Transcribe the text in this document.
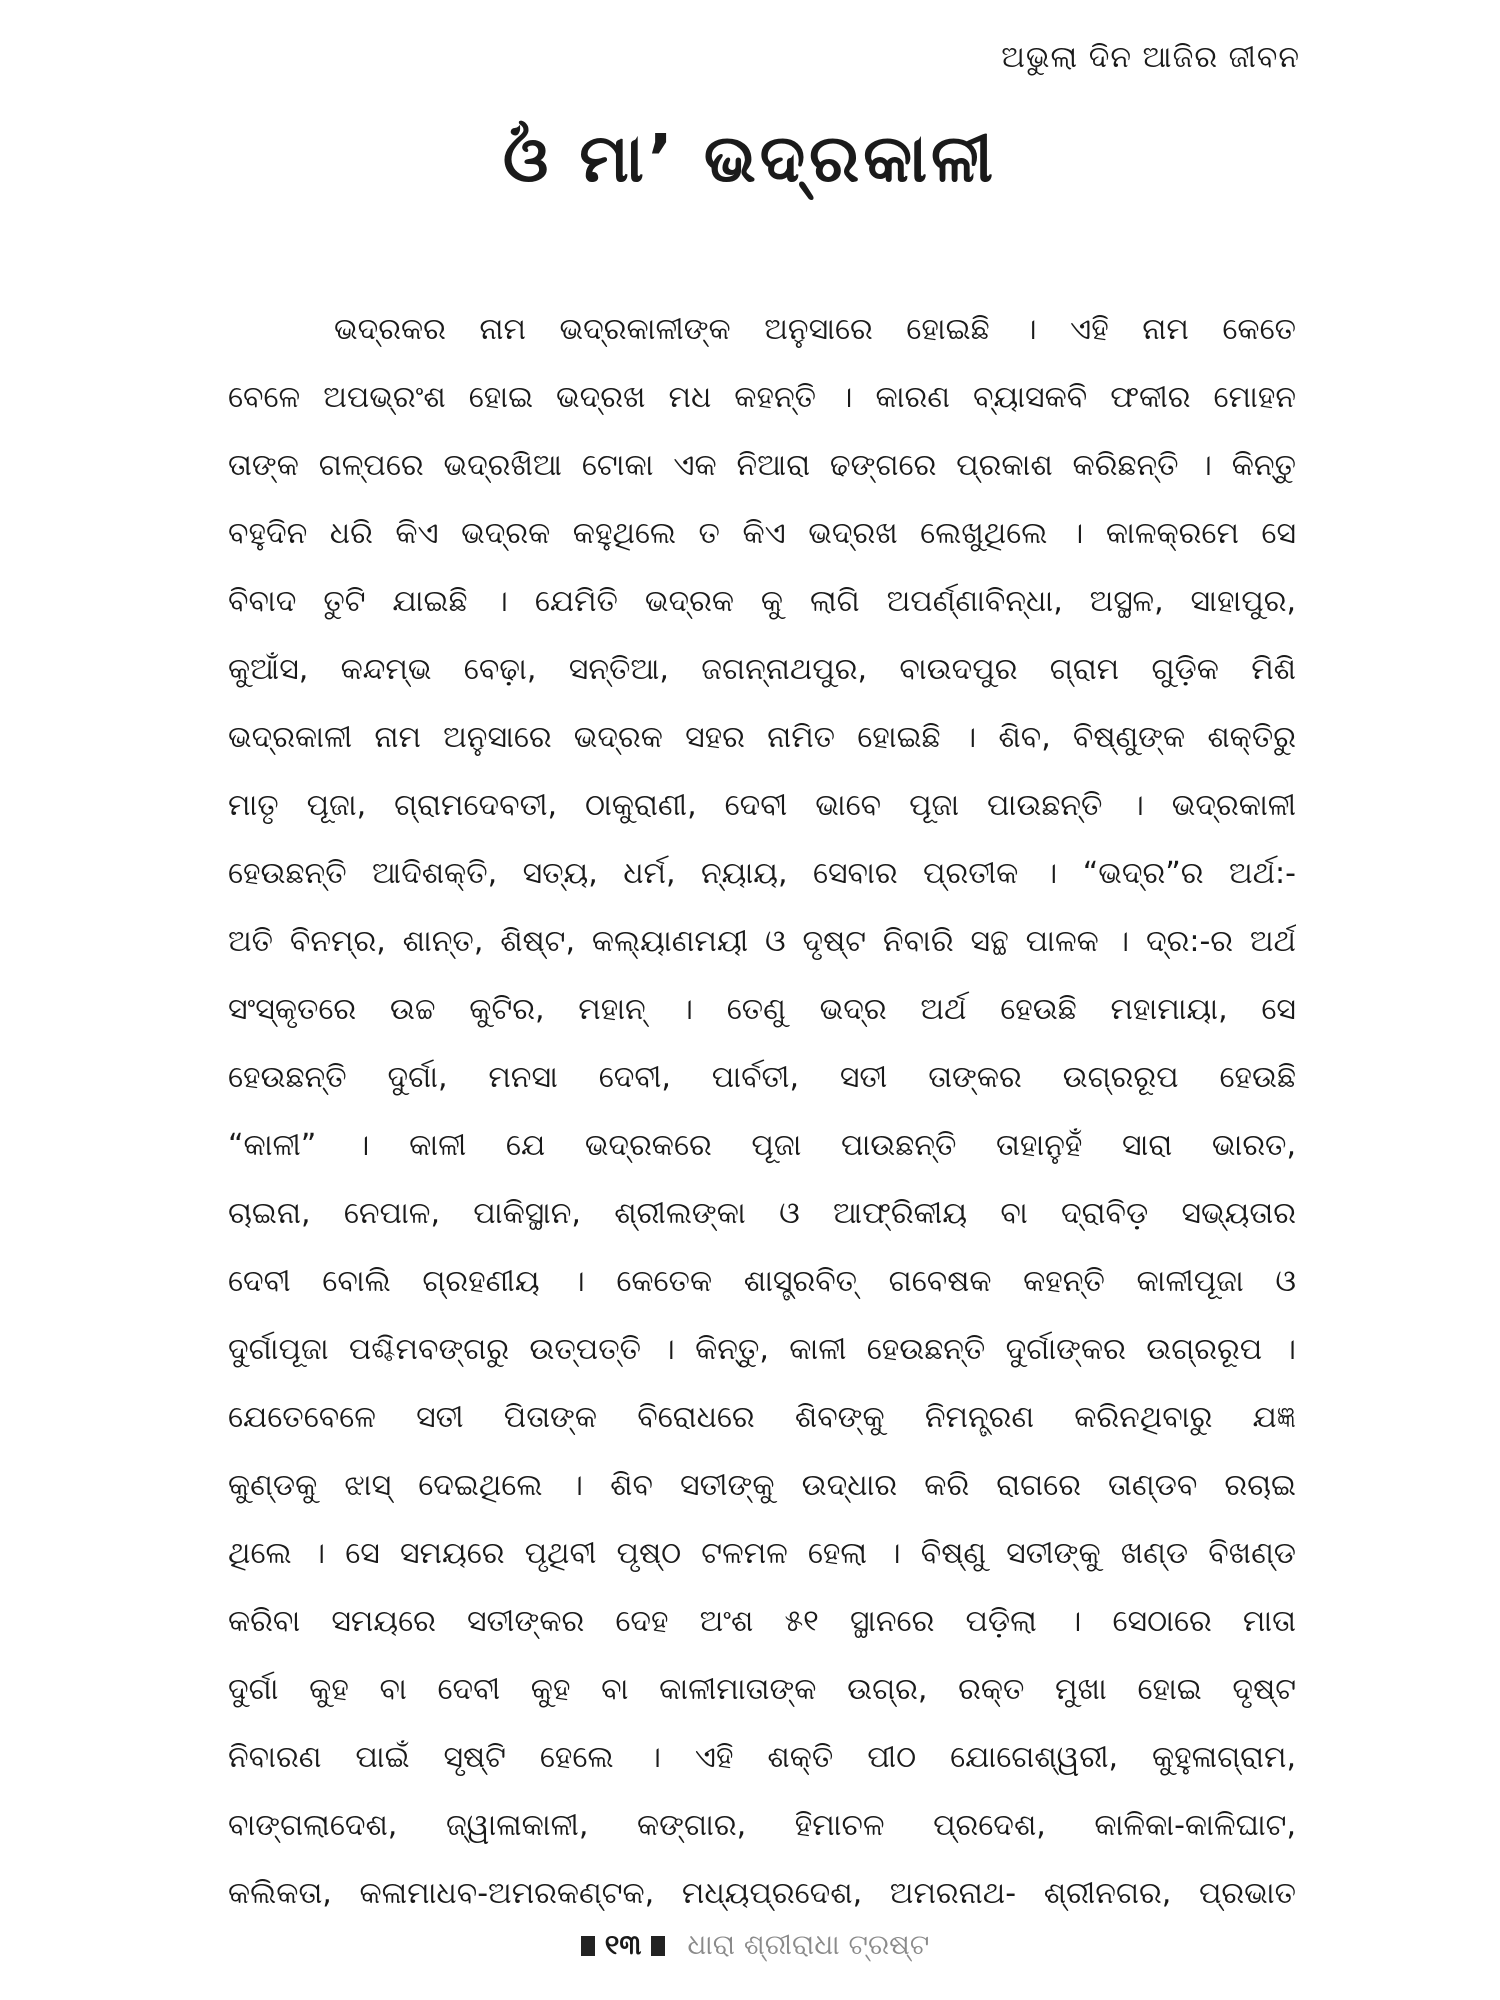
ଅଭୁଲା ଦିନ ଆଜିର ଜୀବନ
ଓଁ ମା’ ଭଦ୍ରକାଳୀ
ଭଦ୍ରକର ନାମ ଭଦ୍ରକାଳୀଙ୍କ ଅନୁସାରେ ହୋଇଛି । ଏହି ନାମ କେତେ
ବେଳେ ଅପଭ୍ରଂଶ ହୋଇ ଭଦ୍ରଖ ମଧ କହନ୍ତି । କାରଣ ବ୍ୟାସକବି ଫକୀର ମୋହନ
ତାଙ୍କ ଗଳ୍ପରେ ଭଦ୍ରଖିଆ ଟୋକା ଏକ ନିଆରା ଢଙ୍ଗରେ ପ୍ରକାଶ କରିଛନ୍ତି । କିନ୍ତୁ
ବହୁଦିନ ଧରି କିଏ ଭଦ୍ରକ କହୁଥିଲେ ତ କିଏ ଭଦ୍ରଖ ଲେଖୁଥିଲେ । କାଳକ୍ରମେ ସେ
ବିବାଦ ତୁଟି ଯାଇଛି । ଯେମିତି ଭଦ୍ରକ କୁ ଲାଗି ଅପର୍ଣ୍ଣାବିନ୍ଧା, ଅସ୍ଥଳ, ସାହାପୁର,
କୁଆଁସ, କନ୍ଦମ୍ଭ ବେଢ଼ା, ସନ୍ତିଆ, ଜଗନ୍ନାଥପୁର, ବାଉଦପୁର ଗ୍ରାମ ଗୁଡ଼ିକ ମିଶି
ଭଦ୍ରକାଳୀ ନାମ ଅନୁସାରେ ଭଦ୍ରକ ସହର ନାମିତ ହୋଇଛି । ଶିବ, ବିଷ୍ଣୁଙ୍କ ଶକ୍ତିରୁ
ମାତୃ ପୂଜା, ଗ୍ରାମଦେବତୀ, ଠାକୁରାଣୀ, ଦେବୀ ଭାବେ ପୂଜା ପାଉଛନ୍ତି । ଭଦ୍ରକାଳୀ
ହେଉଛନ୍ତି ଆଦିଶକ୍ତି, ସତ୍ୟ, ଧର୍ମ, ନ୍ୟାୟ, ସେବାର ପ୍ରତୀକ । “ଭଦ୍ର”ର ଅର୍ଥ:-
ଅତି ବିନମ୍ର, ଶାନ୍ତ, ଶିଷ୍ଟ, କଲ୍ୟାଣମୟୀ ଓ ଦୃଷ୍ଟ ନିବାରି ସନ୍ଥ ପାଳକ । ଦ୍ର:-ର ଅର୍ଥ
ସଂସ୍କୃତରେ ଉଚ୍ଚ କୁଟିର, ମହାନ୍ । ତେଣୁ ଭଦ୍ର ଅର୍ଥ ହେଉଛି ମହାମାୟା, ସେ
ହେଉଛନ୍ତି ଦୁର୍ଗା, ମନସା ଦେବୀ, ପାର୍ବତୀ, ସତୀ ତାଙ୍କର ଉଗ୍ରରୂପ ହେଉଛି
“କାଳୀ” । କାଳୀ ଯେ ଭଦ୍ରକରେ ପୂଜା ପାଉଛନ୍ତି ତାହାନୁହଁ ସାରା ଭାରତ,
ଚାଇନା, ନେପାଳ, ପାକିସ୍ଥାନ, ଶ୍ରୀଲଙ୍କା ଓ ଆଫ୍ରିକୀୟ ବା ଦ୍ରାବିଡ଼ ସଭ୍ୟତାର
ଦେବୀ ବୋଲି ଗ୍ରହଣୀୟ । କେତେକ ଶାସ୍ତ୍ରବିତ୍ ଗବେଷକ କହନ୍ତି କାଳୀପୂଜା ଓ
ଦୁର୍ଗାପୂଜା ପଶ୍ଚିମବଙ୍ଗରୁ ଉତ୍ପତ୍ତି । କିନ୍ତୁ, କାଳୀ ହେଉଛନ୍ତି ଦୁର୍ଗାଙ୍କର ଉଗ୍ରରୂପ ।
ଯେତେବେଳେ ସତୀ ପିତାଙ୍କ ବିରୋଧରେ ଶିବଙ୍କୁ ନିମନ୍ତ୍ରଣ କରିନଥିବାରୁ ଯଜ୍ଞ
କୁଣ୍ଡକୁ ଝାସ୍ ଦେଇଥିଲେ । ଶିବ ସତୀଙ୍କୁ ଉଦ୍ଧାର କରି ରାଗରେ ତାଣ୍ଡବ ରଚାଇ
ଥିଲେ । ସେ ସମୟରେ ପୃଥିବୀ ପୃଷ୍ଠ ଟଳମଳ ହେଲା । ବିଷ୍ଣୁ ସତୀଙ୍କୁ ଖଣ୍ଡ ବିଖଣ୍ଡ
କରିବା ସମୟରେ ସତୀଙ୍କର ଦେହ ଅଂଶ ୫୧ ସ୍ଥାନରେ ପଡ଼ିଲା । ସେଠାରେ ମାତା
ଦୁର୍ଗା କୁହ ବା ଦେବୀ କୁହ ବା କାଳୀମାତାଙ୍କ ଉଗ୍ର, ରକ୍ତ ମୁଖା ହୋଇ ଦୃଷ୍ଟ
ନିବାରଣ ପାଇଁ ସୃଷ୍ଟି ହେଲେ । ଏହି ଶକ୍ତି ପୀଠ ଯୋଗେଶ୍ୱରୀ, କୁହୁଳାଗ୍ରାମ,
ବାଙ୍ଗଲାଦେଶ, ଜ୍ୱାଳାକାଳୀ, କଙ୍ଗାର, ହିମାଚଳ ପ୍ରଦେଶ, କାଳିକା-କାଳିଘାଟ,
କଲିକତା, କଳାମାଧବ-ଅମରକଣ୍ଟକ, ମଧ୍ୟପ୍ରଦେଶ, ଅମରନାଥ- ଶ୍ରୀନଗର, ପ୍ରଭାତ
୧୩ ଧାରା ଶ୍ରୀରାଧା ଟ୍ରଷ୍ଟ
